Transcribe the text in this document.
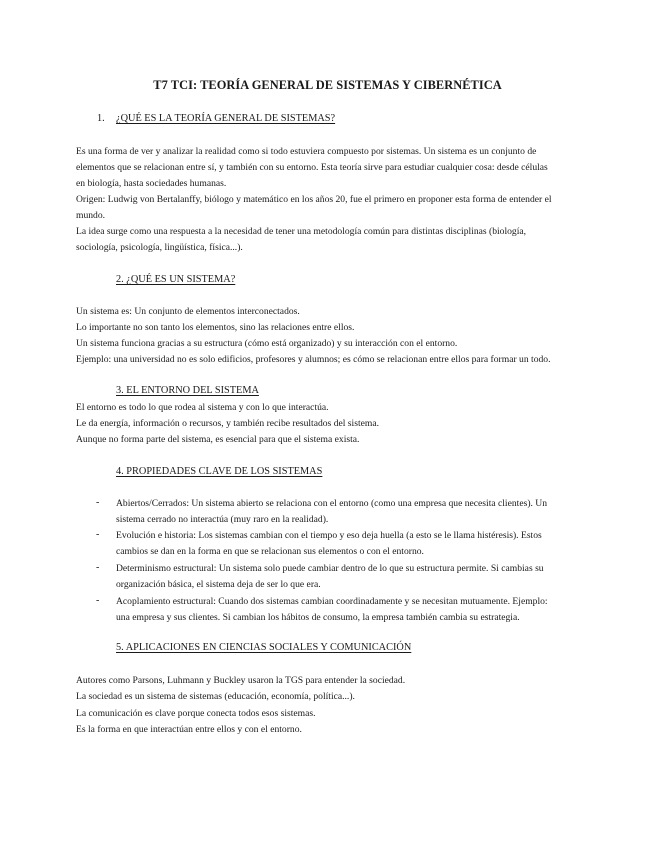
T7 TCI: TEORÍA GENERAL DE SISTEMAS Y CIBERNÉTICA
1. ¿QUÉ ES LA TEORÍA GENERAL DE SISTEMAS?
Es una forma de ver y analizar la realidad como si todo estuviera compuesto por sistemas. Un sistema es un conjunto de
elementos que se relacionan entre sí, y también con su entorno. Esta teoría sirve para estudiar cualquier cosa: desde células
en biología, hasta sociedades humanas.
Origen: Ludwig von Bertalanffy, biólogo y matemático en los años 20, fue el primero en proponer esta forma de entender el
mundo.
La idea surge como una respuesta a la necesidad de tener una metodología común para distintas disciplinas (biología,
sociología, psicología, lingüística, física...).
2. ¿QUÉ ES UN SISTEMA?
Un sistema es: Un conjunto de elementos interconectados.
Lo importante no son tanto los elementos, sino las relaciones entre ellos.
Un sistema funciona gracias a su estructura (cómo está organizado) y su interacción con el entorno.
Ejemplo: una universidad no es solo edificios, profesores y alumnos; es cómo se relacionan entre ellos para formar un todo.
3. EL ENTORNO DEL SISTEMA
El entorno es todo lo que rodea al sistema y con lo que interactúa.
Le da energía, información o recursos, y también recibe resultados del sistema.
Aunque no forma parte del sistema, es esencial para que el sistema exista.
4. PROPIEDADES CLAVE DE LOS SISTEMAS
- Abiertos/Cerrados: Un sistema abierto se relaciona con el entorno (como una empresa que necesita clientes). Un
sistema cerrado no interactúa (muy raro en la realidad).
- Evolución e historia: Los sistemas cambian con el tiempo y eso deja huella (a esto se le llama histéresis). Estos
cambios se dan en la forma en que se relacionan sus elementos o con el entorno.
- Determinismo estructural: Un sistema solo puede cambiar dentro de lo que su estructura permite. Si cambias su
organización básica, el sistema deja de ser lo que era.
- Acoplamiento estructural: Cuando dos sistemas cambian coordinadamente y se necesitan mutuamente. Ejemplo:
una empresa y sus clientes. Si cambian los hábitos de consumo, la empresa también cambia su estrategia.
5. APLICACIONES EN CIENCIAS SOCIALES Y COMUNICACIÓN
Autores como Parsons, Luhmann y Buckley usaron la TGS para entender la sociedad.
La sociedad es un sistema de sistemas (educación, economía, política...).
La comunicación es clave porque conecta todos esos sistemas.
Es la forma en que interactúan entre ellos y con el entorno.
